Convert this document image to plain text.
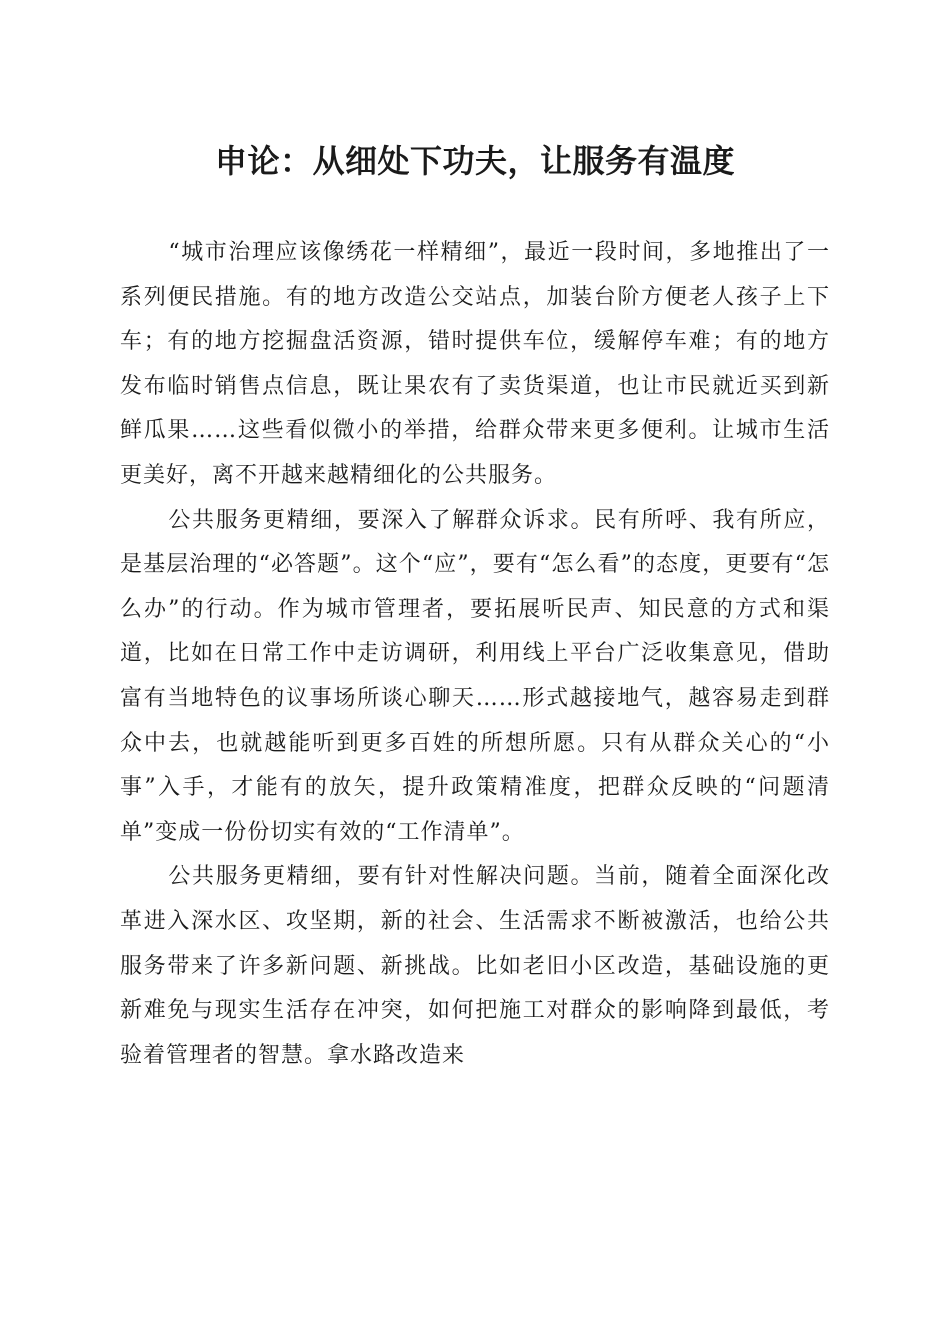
申论：从细处下功夫，让服务有温度

“城市治理应该像绣花一样精细”，最近一段时间，多地推出了一系列便民措施。有的地方改造公交站点，加装台阶方便老人孩子上下车；有的地方挖掘盘活资源，错时提供车位，缓解停车难；有的地方发布临时销售点信息，既让果农有了卖货渠道，也让市民就近买到新鲜瓜果……这些看似微小的举措，给群众带来更多便利。让城市生活更美好，离不开越来越精细化的公共服务。

公共服务更精细，要深入了解群众诉求。民有所呼、我有所应，是基层治理的“必答题”。这个“应”，要有“怎么看”的态度，更要有“怎么办”的行动。作为城市管理者，要拓展听民声、知民意的方式和渠道，比如在日常工作中走访调研，利用线上平台广泛收集意见，借助富有当地特色的议事场所谈心聊天……形式越接地气，越容易走到群众中去，也就越能听到更多百姓的所想所愿。只有从群众关心的“小事”入手，才能有的放矢，提升政策精准度，把群众反映的“问题清单”变成一份份切实有效的“工作清单”。

公共服务更精细，要有针对性解决问题。当前，随着全面深化改革进入深水区、攻坚期，新的社会、生活需求不断被激活，也给公共服务带来了许多新问题、新挑战。比如老旧小区改造，基础设施的更新难免与现实生活存在冲突，如何把施工对群众的影响降到最低，考验着管理者的智慧。拿水路改造来
